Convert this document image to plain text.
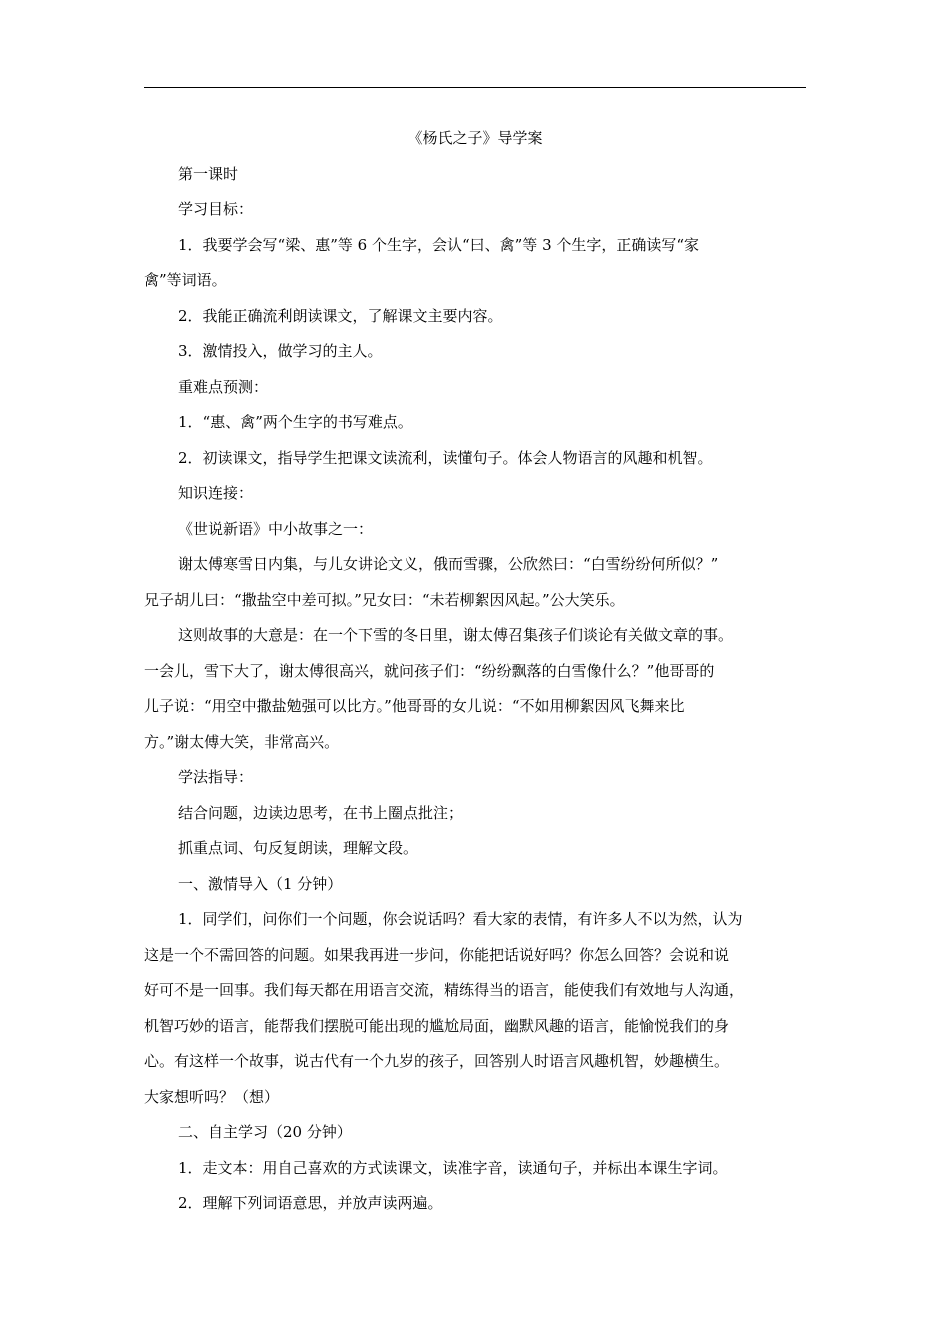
《杨氏之子》导学案

第一课时

学习目标：

1．我要学会写“梁、惠”等 6 个生字，会认“曰、禽”等 3 个生字，正确读写“家

禽”等词语。

2．我能正确流利朗读课文，了解课文主要内容。

3．激情投入，做学习的主人。

重难点预测：

1．“惠、禽”两个生字的书写难点。

2．初读课文，指导学生把课文读流利，读懂句子。体会人物语言的风趣和机智。

知识连接：

《世说新语》中小故事之一：

谢太傅寒雪日内集，与儿女讲论文义，俄而雪骤，公欣然曰：“白雪纷纷何所似？”

兄子胡儿曰：“撒盐空中差可拟。”兄女曰：“未若柳絮因风起。”公大笑乐。

这则故事的大意是：在一个下雪的冬日里，谢太傅召集孩子们谈论有关做文章的事。

一会儿，雪下大了，谢太傅很高兴，就问孩子们：“纷纷飘落的白雪像什么？”他哥哥的

儿子说：“用空中撒盐勉强可以比方。”他哥哥的女儿说：“不如用柳絮因风飞舞来比

方。”谢太傅大笑，非常高兴。

学法指导：

结合问题，边读边思考，在书上圈点批注；

抓重点词、句反复朗读，理解文段。

一、激情导入（1 分钟）

1．同学们，问你们一个问题，你会说话吗？看大家的表情，有许多人不以为然，认为

这是一个不需回答的问题。如果我再进一步问，你能把话说好吗？你怎么回答？会说和说

好可不是一回事。我们每天都在用语言交流，精练得当的语言，能使我们有效地与人沟通，

机智巧妙的语言，能帮我们摆脱可能出现的尴尬局面，幽默风趣的语言，能愉悦我们的身

心。有这样一个故事，说古代有一个九岁的孩子，回答别人时语言风趣机智，妙趣横生。

大家想听吗？（想）

二、自主学习（20 分钟）

1．走文本：用自己喜欢的方式读课文，读准字音，读通句子，并标出本课生字词。

2．理解下列词语意思，并放声读两遍。
